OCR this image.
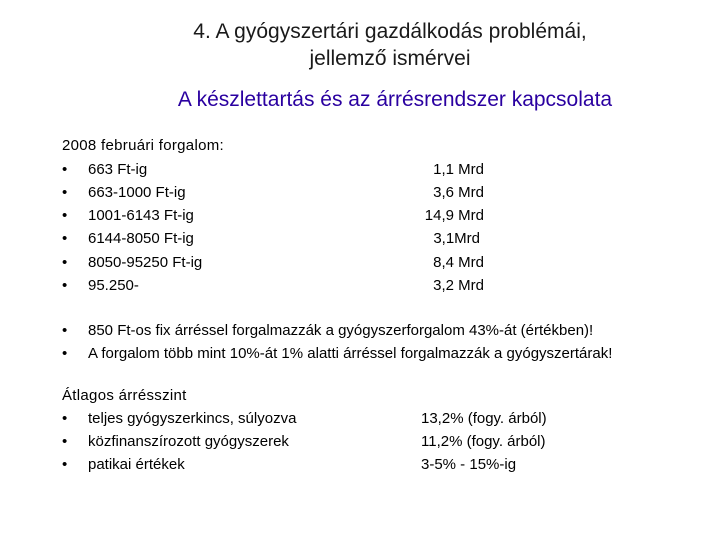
4. A gyógyszertári gazdálkodás problémái,
jellemző ismérvei
A készlettartás és az árrésrendszer kapcsolata
2008 februári forgalom:
• 663 Ft-ig	1,1 Mrd
• 663-1000 Ft-ig	3,6 Mrd
• 1001-6143 Ft-ig	14,9 Mrd
• 6144-8050 Ft-ig	3,1Mrd
• 8050-95250 Ft-ig	8,4 Mrd
• 95.250-	3,2 Mrd
• 850 Ft-os fix árréssel forgalmazzák a gyógyszerforgalom 43%-át (értékben)!
• A forgalom több mint 10%-át 1% alatti árréssel forgalmazzák a gyógyszertárak!
Átlagos árrésszint
• teljes gyógyszerkincs, súlyozva	13,2% (fogy. árból)
• közfinanszírozott gyógyszerek	11,2% (fogy. árból)
• patikai értékek	3-5% - 15%-ig
